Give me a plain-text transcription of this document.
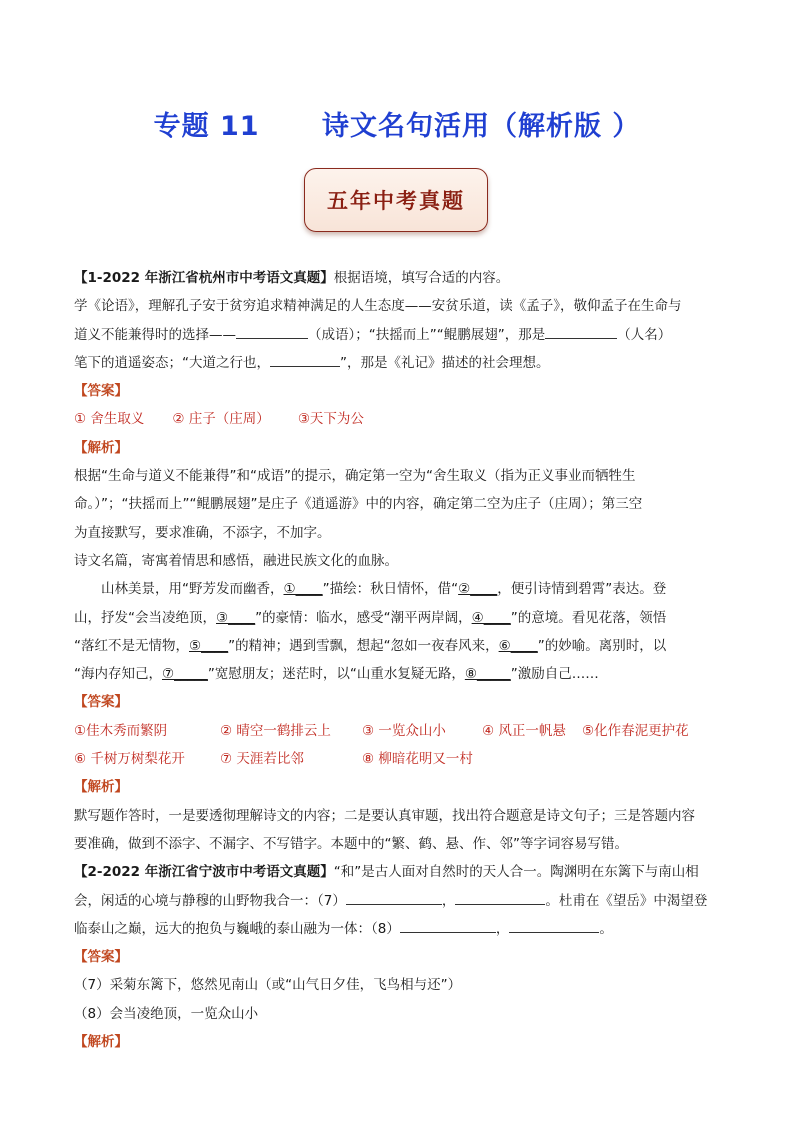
专题 11      诗文名句活用（解析版 ）
五年中考真题
【1-2022 年浙江省杭州市中考语文真题】根据语境，填写合适的内容。
学《论语》，理解孔子安于贫穷追求精神满足的人生态度——安贫乐道，读《孟子》，敬仰孟子在生命与
道义不能兼得时的选择——	（成语）；“扶摇而上”“鲲鹏展翅”，那是	（人名）
笔下的逍遥姿态；“大道之行也，	”，那是《礼记》描述的社会理想。
【答案】
① 舍生取义 ② 庄子（庄周） ③天下为公
【解析】
根据“生命与道义不能兼得”和“成语”的提示，确定第一空为“舍生取义（指为正义事业而牺牲生
命。）”；“扶摇而上”“鲲鹏展翅”是庄子《逍遥游》中的内容，确定第二空为庄子（庄周）；第三空
为直接默写，要求准确，不添字，不加字。
诗文名篇，寄寓着情思和感悟，融进民族文化的血脉。
山林美景，用“野芳发而幽香，①____”描绘：秋日情怀，借“②____，便引诗情到碧霄”表达。登
山，抒发“会当凌绝顶，③____”的豪情：临水，感受“潮平两岸阔，④____”的意境。看见花落，领悟
“落红不是无情物，⑤____”的精神；遇到雪飘，想起“忽如一夜春风来，⑥____”的妙喻。离别时，以
“海内存知己，⑦_____”宽慰朋友；迷茫时，以“山重水复疑无路，⑧_____”激励自己……
【答案】
①佳木秀而繁阴	② 晴空一鹤排云上 ③ 一览众山小	④ 风正一帆悬 ⑤化作春泥更护花
⑥ 千树万树梨花开	⑦ 天涯若比邻	⑧ 柳暗花明又一村
【解析】
默写题作答时，一是要透彻理解诗文的内容；二是要认真审题，找出符合题意是诗文句子；三是答题内容
要准确，做到不添字、不漏字、不写错字。本题中的“繁、鹤、悬、作、邻”等字词容易写错。
【2-2022 年浙江省宁波市中考语文真题】“和”是古人面对自然时的天人合一。陶渊明在东篱下与南山相
会，闲适的心境与静穆的山野物我合一：（7）	，	。杜甫在《望岳》中渴望登
临泰山之巅，远大的抱负与巍峨的泰山融为一体：（8）	，	。
【答案】
（7）采菊东篱下，悠然见南山（或“山气日夕佳，飞鸟相与还”）
（8）会当凌绝顶，一览众山小
【解析】
